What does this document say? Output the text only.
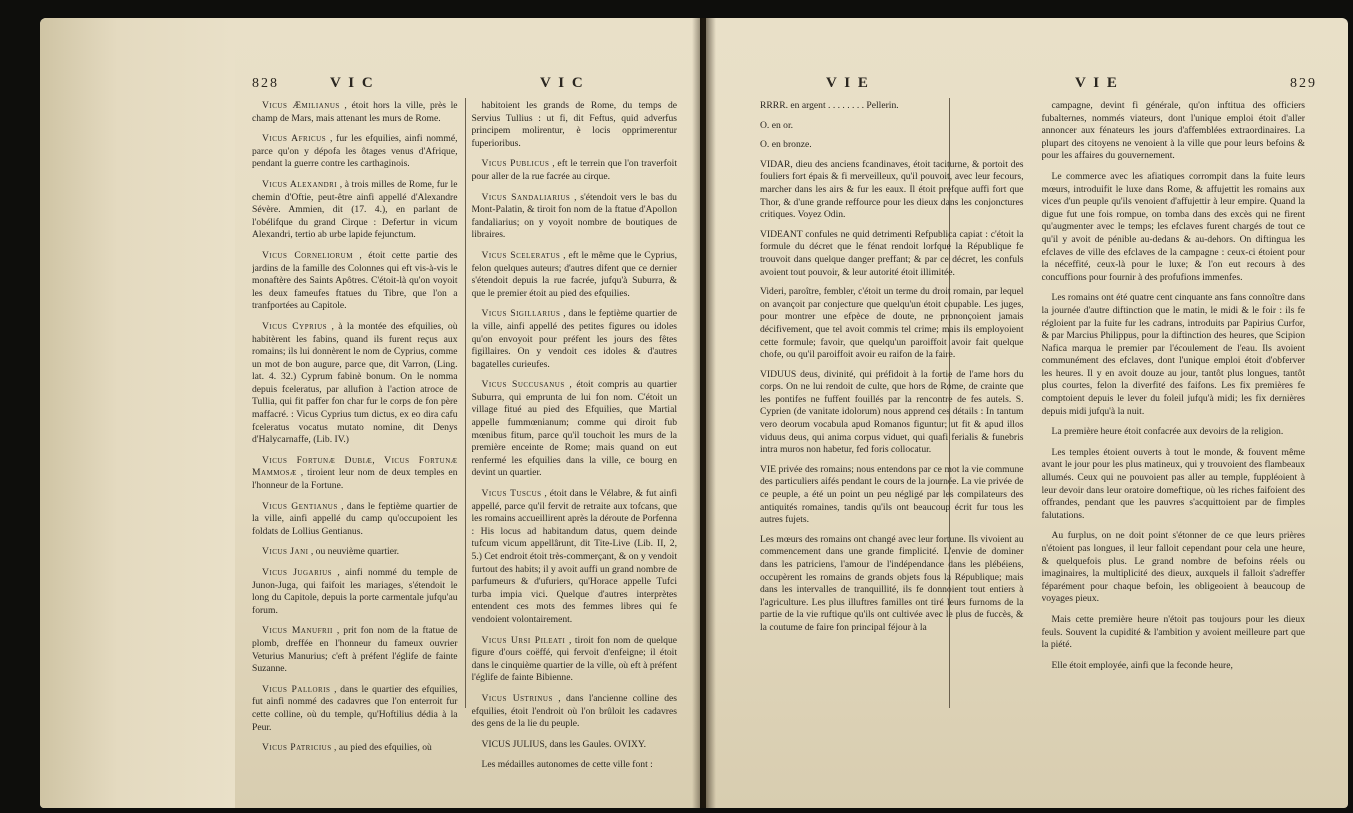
828	V I C	V I C	V I E	V I E	829

Vicus Æmilianus , étoit hors la ville, près le champ de Mars, mais attenant les murs de Rome.

Vicus Africus , fur les efquilies, ainfi nommé, parce qu'on y dépofa les ôtages venus d'Afrique, pendant la guerre contre les carthaginois.

Vicus Alexandri , à trois milles de Rome, fur le chemin d'Oftie, peut-être ainfi appellé d'Alexandre Sévère. Ammien, dit (17. 4.), en parlant de l'obélifque du grand Cirque : Defertur in vicum Alexandri, tertio ab urbe lapide fejunctum.

Vicus Corneliorum , étoit cette partie des jardins de la famille des Colonnes qui eft vis-à-vis le monaftère des Saints Apôtres. C'étoit-là qu'on voyoit les deux fameufes ftatues du Tibre, que l'on a tranfportées au Capitole.

Vicus Cyprius , à la montée des efquilies, où habitèrent les fabins, quand ils furent reçus aux romains; ils lui donnèrent le nom de Cyprius, comme un mot de bon augure, parce que, dit Varron, (Ling. lat. 4. 32.) Cyprum fabinè bonum. On le nomma depuis fceleratus, par allufion à l'action atroce de Tullia, qui fit paffer fon char fur le corps de fon père maffacré. : Vicus Cyprius tum dictus, ex eo dira cafu fceleratus vocatus mutato nomine, dit Denys d'Halycarnaffe, (Lib. IV.)

Vicus Fortunæ Dubiæ, Vicus Fortunæ Mammosæ , tiroient leur nom de deux temples en l'honneur de la Fortune.

Vicus Gentianus , dans le feptième quartier de la ville, ainfi appellé du camp qu'occupoient les foldats de Lollius Gentianus.

Vicus Jani , ou neuvième quartier.

Vicus Jugarius , ainfi nommé du temple de Junon-Juga, qui faifoit les mariages, s'étendoit le long du Capitole, depuis la porte carmentale jufqu'au forum.

Vicus Manufrii , prit fon nom de la ftatue de plomb, dreffée en l'honneur du fameux ouvrier Veturius Manurius; c'eft à préfent l'églife de fainte Suzanne.

Vicus Palloris , dans le quartier des efquilies, fut ainfi nommé des cadavres que l'on enterroit fur cette colline, où du temple, qu'Hoftilius dédia à la Peur.

Vicus Patricius , au pied des efquilies, où

habitoient les grands de Rome, du temps de Servius Tullius : ut fi, dit Feftus, quid adverfus principem molirentur, è locis opprimerentur fuperioribus.

Vicus Publicus , eft le terrein que l'on traverfoit pour aller de la rue facrée au cirque.

Vicus Sandaliarius , s'étendoit vers le bas du Mont-Palatin, & tiroit fon nom de la ftatue d'Apollon fandaliarius; on y voyoit nombre de boutiques de libraires.

Vicus Sceleratus , eft le même que le Cyprius, felon quelques auteurs; d'autres difent que ce dernier s'étendoit depuis la rue facrée, jufqu'à Suburra, & que le premier étoit au pied des efquilies.

Vicus Sigillarius , dans le feptième quartier de la ville, ainfi appellé des petites figures ou idoles qu'on envoyoit pour préfent les jours des fêtes figillaires. On y vendoit ces idoles & d'autres bagatelles curieufes.

Vicus Succusanus , étoit compris au quartier Suburra, qui emprunta de lui fon nom. C'étoit un village fitué au pied des Efquilies, que Martial appelle fummœnianum; comme qui diroit fub mœnibus fitum, parce qu'il touchoit les murs de la première enceinte de Rome; mais quand on eut renfermé les efquilies dans la ville, ce bourg en devint un quartier.

Vicus Tuscus , étoit dans le Vélabre, & fut ainfi appellé, parce qu'il fervit de retraite aux tofcans, que les romains accueillirent après la déroute de Porfenna : His locus ad habitandum datus, quem deinde tufcum vicum appellârunt, dit Tite-Live (Lib. II, 2, 5.) Cet endroit étoit très-commerçant, & on y vendoit furtout des habits; il y avoit auffi un grand nombre de parfumeurs & d'ufuriers, qu'Horace appelle Tufci turba impia vici. Quelque d'autres interprètes entendent ces mots des femmes libres qui fe vendoient volontairement.

Vicus Ursi Pileati , tiroit fon nom de quelque figure d'ours coëffé, qui fervoit d'enfeigne; il étoit dans le cinquième quartier de la ville, où eft à préfent l'églife de fainte Bibienne.

Vicus Ustrinus , dans l'ancienne colline des efquilies, étoit l'endroit où l'on brûloit les cadavres des gens de la lie du peuple.

VICUS JULIUS, dans les Gaules. OVIXY.

Les médailles autonomes de cette ville font :

RRRR. en argent . . . . . . . . Pellerin.

O. en or.

O. en bronze.

VIDAR, dieu des anciens fcandinaves, étoit taciturne, & portoit des fouliers fort épais & fi merveilleux, qu'il pouvoit, avec leur fecours, marcher dans les airs & fur les eaux. Il étoit prefque auffi fort que Thor, & d'une grande reffource pour les dieux dans les conjonctures critiques. Voyez Odin.

VIDEANT confules ne quid detrimenti Refpublica capiat : c'étoit la formule du décret que le fénat rendoit lorfque la République fe trouvoit dans quelque danger preffant; & par ce décret, les confuls avoient tout pouvoir, & leur autorité étoit illimitée.

Videri, paroître, fembler, c'étoit un terme du droit romain, par lequel on avançoit par conjecture que quelqu'un étoit coupable. Les juges, pour montrer une efpèce de doute, ne prononçoient jamais décifivement, que tel avoit commis tel crime; mais ils employoient cette formule; favoir, que quelqu'un paroiffoit avoir fait quelque chofe, ou qu'il paroiffoit avoir eu raifon de la faire.

VIDUUS deus, divinité, qui préfidoit à la fortie de l'ame hors du corps. On ne lui rendoit de culte, que hors de Rome, de crainte que les pontifes ne fuffent fouillés par la rencontre de fes autels. S. Cyprien (de vanitate idolorum) nous apprend ces détails : In tantum vero deorum vocabula apud Romanos figuntur; ut fit & apud illos viduus deus, qui anima corpus viduet, qui quafi ferialis & funebris intra muros non habetur, fed foris collocatur.

VIE privée des romains; nous entendons par ce mot la vie commune des particuliers aifés pendant le cours de la journée. La vie privée de ce peuple, a été un point un peu négligé par les compilateurs des antiquités romaines, tandis qu'ils ont beaucoup écrit fur tous les autres fujets.

Les mœurs des romains ont changé avec leur fortune. Ils vivoient au commencement dans une grande fimplicité. L'envie de dominer dans les patriciens, l'amour de l'indépendance dans les plébéiens, occupèrent les romains de grands objets fous la République; mais dans les intervalles de tranquillité, ils fe donnoient tout entiers à l'agriculture. Les plus illuftres familles ont tiré leurs furnoms de la partie de la vie ruftique qu'ils ont cultivée avec le plus de fuccès, & la coutume de faire fon principal féjour à la

campagne, devint fi générale, qu'on inftitua des officiers fubalternes, nommés viateurs, dont l'unique emploi étoit d'aller annoncer aux fénateurs les jours d'affemblées extraordinaires. La plupart des citoyens ne venoient à la ville que pour leurs befoins & pour les affaires du gouvernement.

Le commerce avec les afiatiques corrompit dans la fuite leurs mœurs, introduifit le luxe dans Rome, & affujettit les romains aux vices d'un peuple qu'ils venoient d'affujettir à leur empire. Quand la digue fut une fois rompue, on tomba dans des excès qui ne firent qu'augmenter avec le temps; les efclaves furent chargés de tout ce qu'il y avoit de pénible au-dedans & au-dehors. On diftingua les efclaves de ville des efclaves de la campagne : ceux-ci étoient pour la néceffité, ceux-là pour le luxe; & l'on eut recours à des concuffions pour fournir à des profufions immenfes.

Les romains ont été quatre cent cinquante ans fans connoître dans la journée d'autre diftinction que le matin, le midi & le foir : ils fe régloient par la fuite fur les cadrans, introduits par Papirius Curfor, & par Marcius Philippus, pour la diftinction des heures, que Scipion Nafica marqua le premier par l'écoulement de l'eau. Ils avoient communément des efclaves, dont l'unique emploi étoit d'obferver les heures. Il y en avoit douze au jour, tantôt plus longues, tantôt plus courtes, felon la diverfité des faifons. Les fix premières fe comptoient depuis le lever du foleil jufqu'à midi; les fix dernières depuis midi jufqu'à la nuit.

La première heure étoit confacrée aux devoirs de la religion.

Les temples étoient ouverts à tout le monde, & fouvent même avant le jour pour les plus matineux, qui y trouvoient des flambeaux allumés. Ceux qui ne pouvoient pas aller au temple, fuppléoient à leur devoir dans leur oratoire domeftique, où les riches faifoient des offrandes, pendant que les pauvres s'acquittoient par de fimples falutations.

Au furplus, on ne doit point s'étonner de ce que leurs prières n'étoient pas longues, il leur falloit cependant pour cela une heure, & quelquefois plus. Le grand nombre de befoins réels ou imaginaires, la multiplicité des dieux, auxquels il falloit s'adreffer féparément pour chaque befoin, les obligeoient à beaucoup de voyages pieux.

Mais cette première heure n'étoit pas toujours pour les dieux feuls. Souvent la cupidité & l'ambition y avoient meilleure part que la piété.

Elle étoit employée, ainfi que la feconde heure,
